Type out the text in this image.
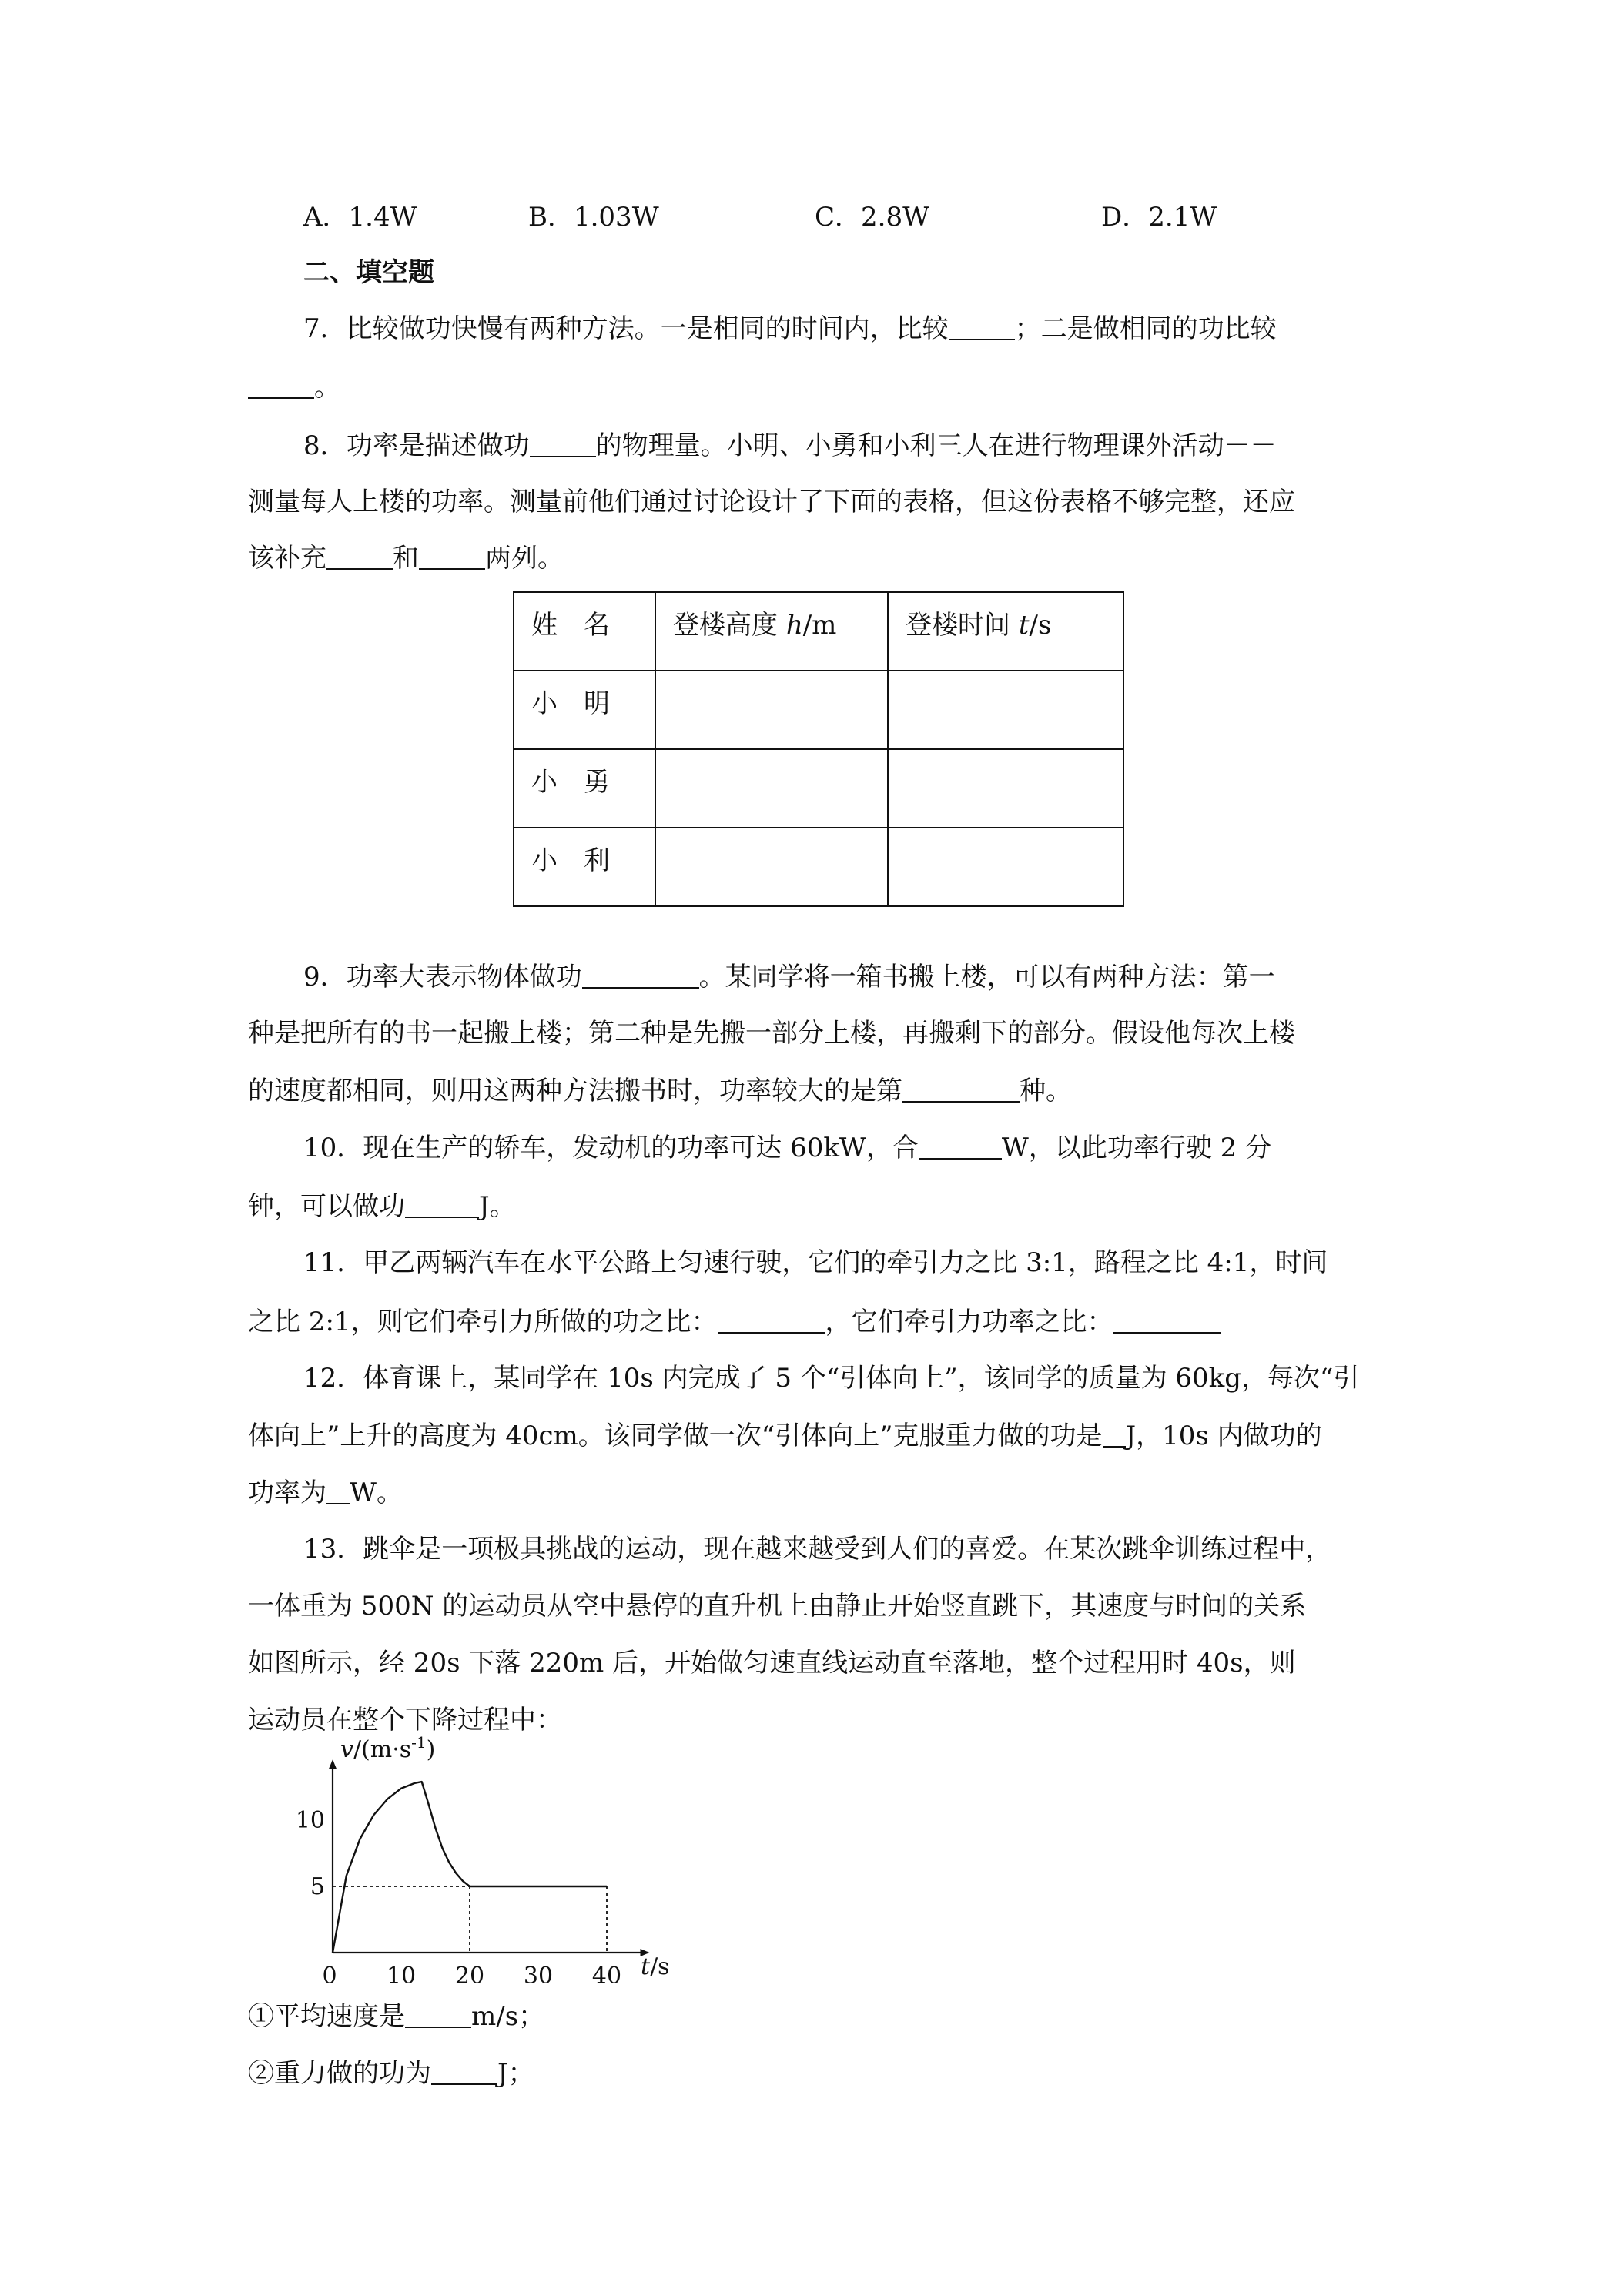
A．1.4W	B．1.03W	C．2.8W	D．2.1W
二、填空题
7．比较做功快慢有两种方法。一是相同的时间内，比较	；二是做相同的功比较
。
8．功率是描述做功	的物理量。小明、小勇和小利三人在进行物理课外活动－－
测量每人上楼的功率。测量前他们通过讨论设计了下面的表格，但这份表格不够完整，还应
该补充	和	两列。
姓　名	登楼高度 h/m	登楼时间 t/s
小　明		
小　勇		
小　利		
9．功率大表示物体做功	。某同学将一箱书搬上楼，可以有两种方法：第一
种是把所有的书一起搬上楼；第二种是先搬一部分上楼，再搬剩下的部分。假设他每次上楼
的速度都相同，则用这两种方法搬书时，功率较大的是第	种。
10．现在生产的轿车，发动机的功率可达 60kW，合	W，以此功率行驶 2 分
钟，可以做功	J。
11．甲乙两辆汽车在水平公路上匀速行驶，它们的牵引力之比 3:1，路程之比 4:1，时间
之比 2:1，则它们牵引力所做的功之比：	，它们牵引力功率之比：
12．体育课上，某同学在 10s 内完成了 5 个“引体向上”，该同学的质量为 60kg，每次“引
体向上”上升的高度为 40cm。该同学做一次“引体向上”克服重力做的功是 J，10s 内做功的
功率为 W。
13．跳伞是一项极具挑战的运动，现在越来越受到人们的喜爱。在某次跳伞训练过程中，
一体重为 500N 的运动员从空中悬停的直升机上由静止开始竖直跳下，其速度与时间的关系
如图所示，经 20s 下落 220m 后，开始做匀速直线运动直至落地，整个过程用时 40s，则
运动员在整个下降过程中：
$v/(m\cdot s^{-1})$
t/s
0 10 20 30 40
5
10
①平均速度是	m/s；
②重力做的功为	J；
